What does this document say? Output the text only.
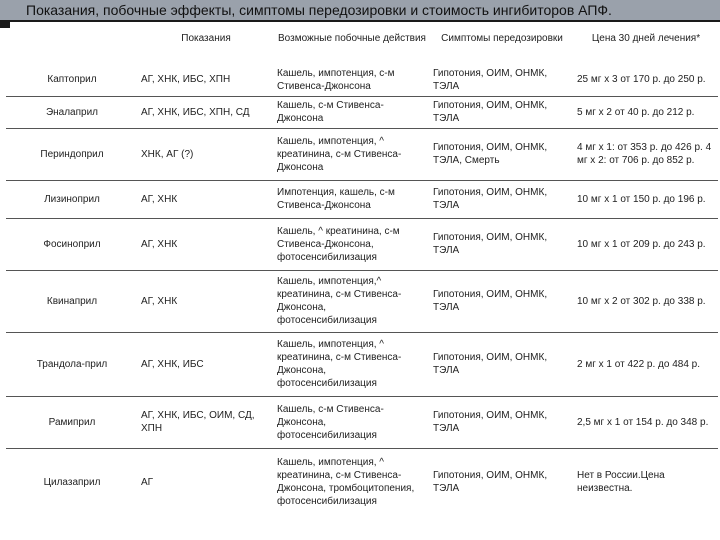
Показания, побочные эффекты, симптомы передозировки и стоимость ингибиторов АПФ.
	Показания	Возможные побочные действия	Симптомы передозировки	Цена 30 дней лечения*
Каптоприл	АГ, ХНК, ИБС, ХПН	Кашель, импотенция, с-м Стивенса-Джонсона	Гипотония, ОИМ, ОНМК, ТЭЛА	25 мг х 3 от 170 р. до 250 р.
Эналаприл	АГ, ХНК, ИБС, ХПН, СД	Кашель, с-м Стивенса-Джонсона	Гипотония, ОИМ, ОНМК, ТЭЛА	5 мг х 2 от 40 р. до 212 р.
Периндоприл	ХНК, АГ (?)	Кашель, импотенция, ^ креатинина, с-м Стивенса-Джонсона	Гипотония, ОИМ, ОНМК, ТЭЛА, Смерть	4 мг х 1: от 353 р. до 426 р. 4 мг х 2: от 706 р. до 852 р.
Лизиноприл	АГ, ХНК	Импотенция, кашель, с-м Стивенса-Джонсона	Гипотония, ОИМ, ОНМК, ТЭЛА	10 мг х 1 от 150 р. до 196 р.
Фосиноприл	АГ, ХНК	Кашель, ^ креатинина, с-м Стивенса-Джонсона, фотосенсибилизация	Гипотония, ОИМ, ОНМК, ТЭЛА	10 мг х 1 от 209 р. до 243 р.
Квинаприл	АГ, ХНК	Кашель, импотенция,^ креатинина, с-м Стивенса-Джонсона, фотосенсибилизация	Гипотония, ОИМ, ОНМК, ТЭЛА	10 мг х 2 от 302 р. до 338 р.
Трандола-прил	АГ, ХНК, ИБС	Кашель, импотенция, ^ креатинина, с-м Стивенса-Джонсона, фотосенсибилизация	Гипотония, ОИМ, ОНМК, ТЭЛА	2 мг х 1 от 422 р. до 484 р.
Рамиприл	АГ, ХНК, ИБС, ОИМ, СД, ХПН	Кашель, с-м Стивенса-Джонсона, фотосенсибилизация	Гипотония, ОИМ, ОНМК, ТЭЛА	2,5 мг х 1 от 154 р. до 348 р.
Цилазаприл	АГ	Кашель, импотенция, ^ креатинина, с-м Стивенса-Джонсона, тромбоцитопения, фотосенсибилизация	Гипотония, ОИМ, ОНМК, ТЭЛА	Нет в России.Цена неизвестна.
